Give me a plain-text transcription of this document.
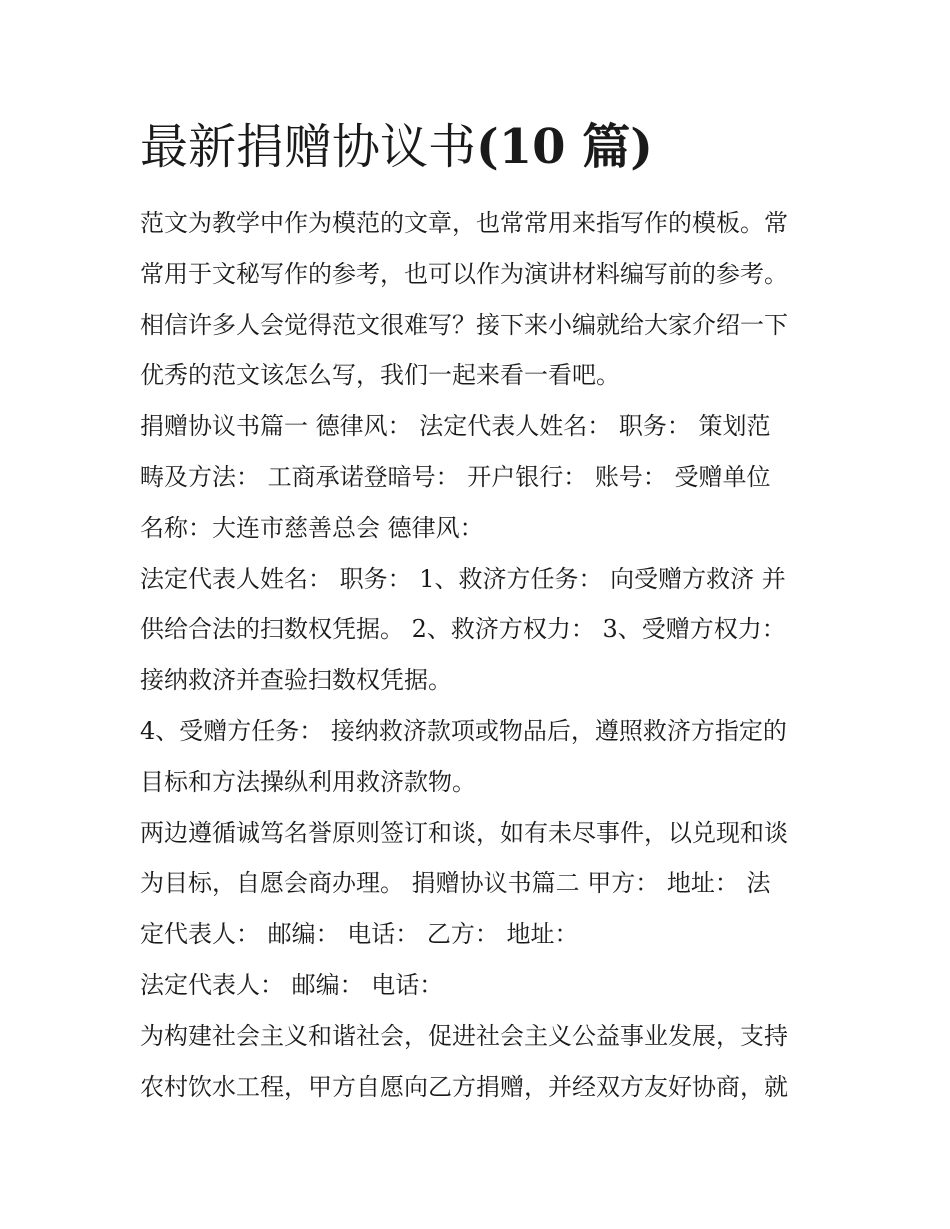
最新捐赠协议书(10 篇)
范文为教学中作为模范的文章，也常常用来指写作的模板。常
常用于文秘写作的参考，也可以作为演讲材料编写前的参考。
相信许多人会觉得范文很难写？接下来小编就给大家介绍一下
优秀的范文该怎么写，我们一起来看一看吧。
捐赠协议书篇一 德律风： 法定代表人姓名： 职务： 策划范
畴及方法： 工商承诺登暗号： 开户银行： 账号： 受赠单位
名称：大连市慈善总会 德律风：
法定代表人姓名： 职务： 1、救济方任务： 向受赠方救济 并
供给合法的扫数权凭据。 2、救济方权力： 3、受赠方权力：
接纳救济并查验扫数权凭据。
4、受赠方任务： 接纳救济款项或物品后，遵照救济方指定的
目标和方法操纵利用救济款物。
两边遵循诚笃名誉原则签订和谈，如有未尽事件，以兑现和谈
为目标，自愿会商办理。 捐赠协议书篇二 甲方： 地址： 法
定代表人： 邮编： 电话： 乙方： 地址：
法定代表人： 邮编： 电话：
为构建社会主义和谐社会，促进社会主义公益事业发展，支持
农村饮水工程，甲方自愿向乙方捐赠，并经双方友好协商，就
